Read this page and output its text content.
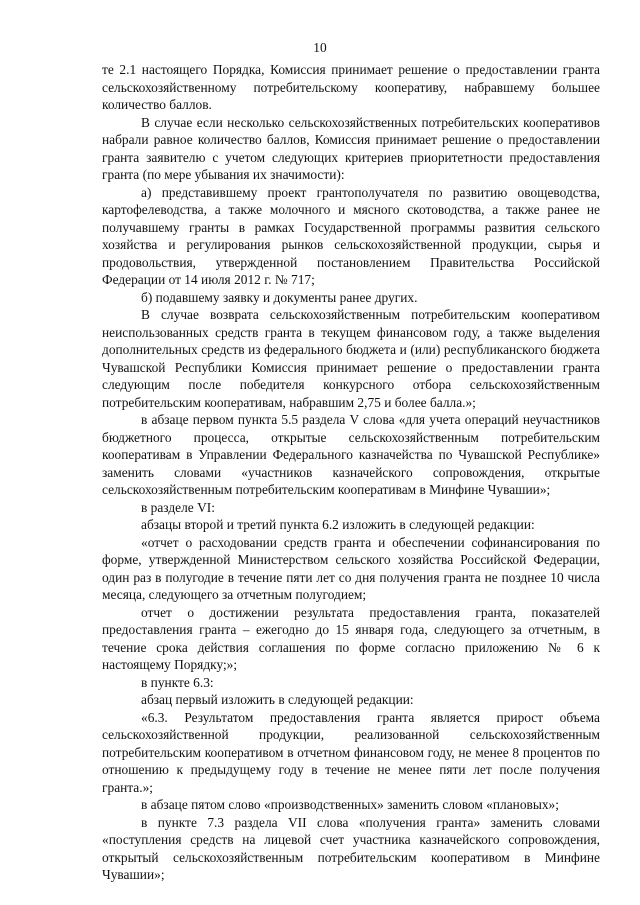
10

те 2.1 настоящего Порядка, Комиссия принимает решение о предоставлении гранта сельскохозяйственному потребительскому кооперативу, набравшему большее количество баллов.

В случае если несколько сельскохозяйственных потребительских кооперативов набрали равное количество баллов, Комиссия принимает решение о предоставлении гранта заявителю с учетом следующих критериев приоритетности предоставления гранта (по мере убывания их значимости):

а) представившему проект грантополучателя по развитию овощеводства, картофелеводства, а также молочного и мясного скотоводства, а также ранее не получавшему гранты в рамках Государственной программы развития сельского хозяйства и регулирования рынков сельскохозяйственной продукции, сырья и продовольствия, утвержденной постановлением Правительства Российской Федерации от 14 июля 2012 г. № 717;

б) подавшему заявку и документы ранее других.

В случае возврата сельскохозяйственным потребительским кооперативом неиспользованных средств гранта в текущем финансовом году, а также выделения дополнительных средств из федерального бюджета и (или) республиканского бюджета Чувашской Республики Комиссия принимает решение о предоставлении гранта следующим после победителя конкурсного отбора сельскохозяйственным потребительским кооперативам, набравшим 2,75 и более балла.»;

в абзаце первом пункта 5.5 раздела V слова «для учета операций неучастников бюджетного процесса, открытые сельскохозяйственным потребительским кооперативам в Управлении Федерального казначейства по Чувашской Республике» заменить словами «участников казначейского сопровождения, открытые сельскохозяйственным потребительским кооперативам в Минфине Чувашии»;

в разделе VI:

абзацы второй и третий пункта 6.2 изложить в следующей редакции:

«отчет о расходовании средств гранта и обеспечении софинансирования по форме, утвержденной Министерством сельского хозяйства Российской Федерации, один раз в полугодие в течение пяти лет со дня получения гранта не позднее 10 числа месяца, следующего за отчетным полугодием;

отчет о достижении результата предоставления гранта, показателей предоставления гранта – ежегодно до 15 января года, следующего за отчетным, в течение срока действия соглашения по форме согласно приложению № 6 к настоящему Порядку;»;

в пункте 6.3:

абзац первый изложить в следующей редакции:

«6.3. Результатом предоставления гранта является прирост объема сельскохозяйственной продукции, реализованной сельскохозяйственным потребительским кооперативом в отчетном финансовом году, не менее 8 процентов по отношению к предыдущему году в течение не менее пяти лет после получения гранта.»;

в абзаце пятом слово «производственных» заменить словом «плановых»;

в пункте 7.3 раздела VII слова «получения гранта» заменить словами «поступления средств на лицевой счет участника казначейского сопровождения, открытый сельскохозяйственным потребительским кооперативом в Минфине Чувашии»;
